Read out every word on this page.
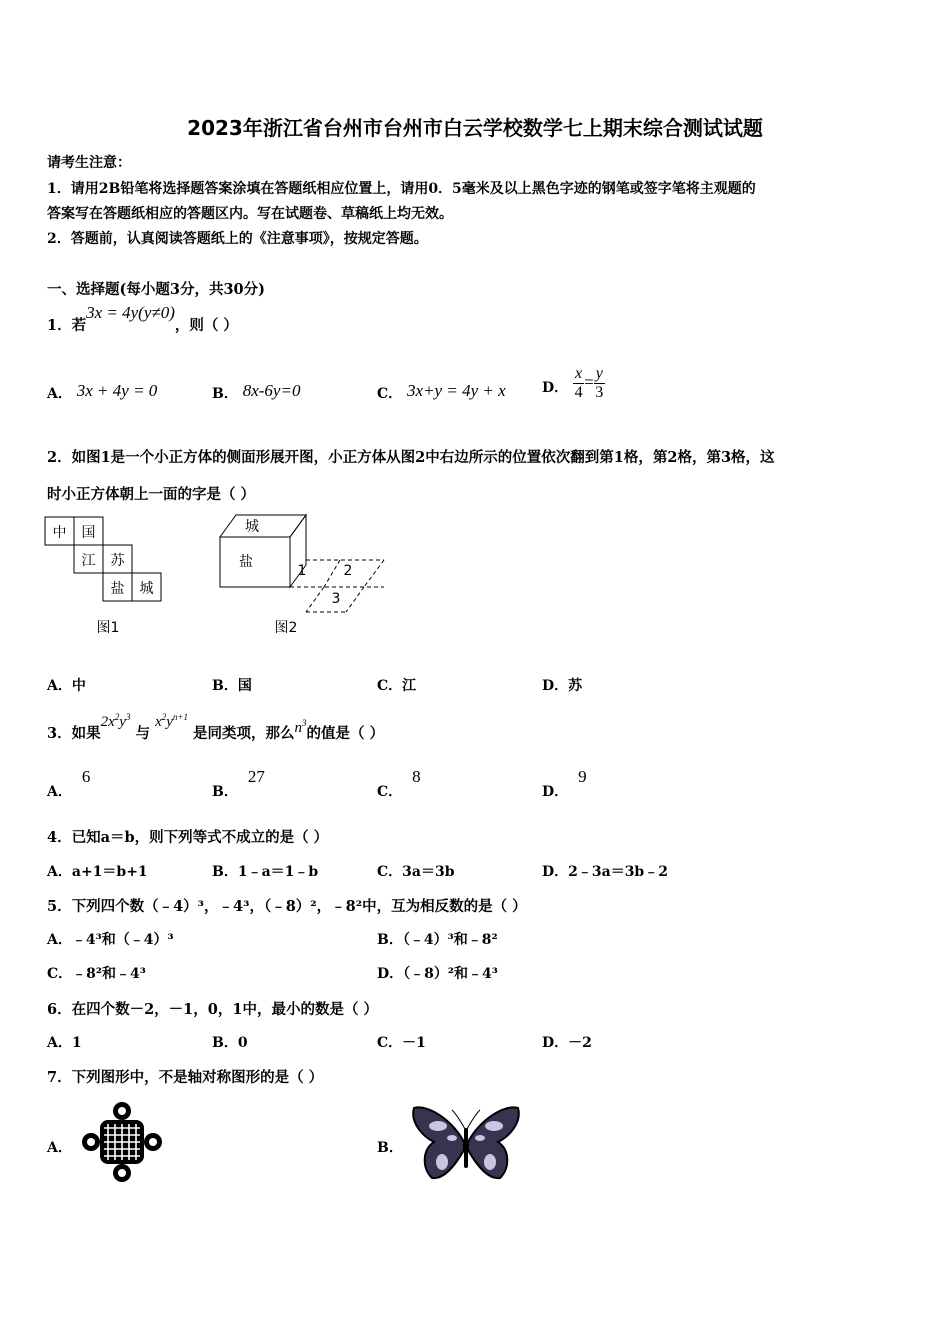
2023年浙江省台州市台州市白云学校数学七上期末综合测试试题
请考生注意：
1．请用2B铅笔将选择题答案涂填在答题纸相应位置上，请用0．5毫米及以上黑色字迹的钢笔或签字笔将主观题的
答案写在答题纸相应的答题区内。写在试题卷、草稿纸上均无效。
2．答题前，认真阅读答题纸上的《注意事项》，按规定答题。
一、选择题(每小题3分，共30分)
1．若3x = 4y(y≠0)，则（ ）
A． 3x + 4y = 0	B． 8x-6y=0	C． 3x+y = 4y + x	D． $\frac{x}{4} = \frac{y}{3}$
2．如图1是一个小正方体的侧面形展开图，小正方体从图2中右边所示的位置依次翻到第1格，第2格，第3格，这
时小正方体朝上一面的字是（ ）
中 国
江 苏
盐 城
图1
城
盐
1	2
3
图2
A．中	B．国	C．江	D．苏
3．如果$2x^2y^3$ 与 $x^2y^{n+1}$ 是同类项，那么$n^3$的值是（ ）
A．6
B．27
C．8
D．9
4．已知a＝b，则下列等式不成立的是（ ）
A．a+1＝b+1	B．1﹣a＝1﹣b	C．3a＝3b	D．2﹣3a＝3b﹣2
5．下列四个数（﹣4）³，﹣4³，（﹣8）²，﹣8²中，互为相反数的是（ ）
A．﹣4³和（﹣4）³	B．（﹣4）³和﹣8²
C．﹣8²和﹣4³	D．（﹣8）²和﹣4³
6．在四个数－2，－1，0，1中，最小的数是（ ）
A．1	B．0	C．－1	D．－2
7．下列图形中，不是轴对称图形的是（ ）
A．	B．
